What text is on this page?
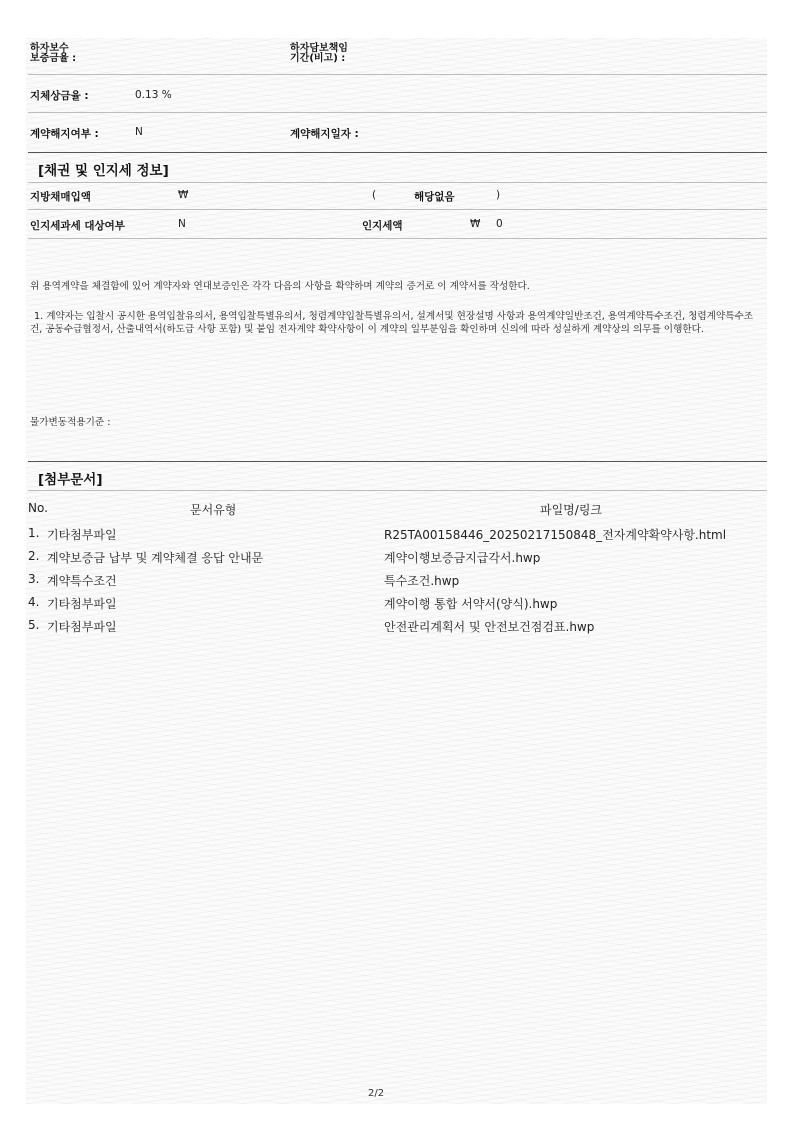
하자보수
보증금율 :
하자담보책임
기간(비고) :
지체상금율 :	0.13 %
계약해지여부 :	N	계약해지일자 :
[채권 및 인지세 정보]
지방채매입액	₩	(	해당없음	)
인지세과세 대상여부	N	인지세액	₩ 0
위 용역계약을 체결함에 있어 계약자와 연대보증인은 각각 다음의 사항을 확약하며 계약의 증거로 이 계약서를 작성한다.
1. 계약자는 입찰시 공시한 용역입찰유의서, 용역입찰특별유의서, 청렴계약입찰특별유의서, 설계서및 현장설명 사항과 용역계약일반조건, 용역계약특수조건, 청렴계약특수조건, 공동수급협정서, 산출내역서(하도급 사항 포함) 및 붙임 전자계약 확약사항이 이 계약의 일부분임을 확인하며 신의에 따라 성실하게 계약상의 의무를 이행한다.
물가변동적용기준 :
[첨부문서]
No.	문서유형	파일명/링크
1. 기타첨부파일	R25TA00158446_20250217150848_전자계약확약사항.html
2. 계약보증금 납부 및 계약체결 응답 안내문	계약이행보증금지급각서.hwp
3. 계약특수조건	특수조건.hwp
4. 기타첨부파일	계약이행 통합 서약서(양식).hwp
5. 기타첨부파일	안전관리계획서 및 안전보건점검표.hwp
2/2
